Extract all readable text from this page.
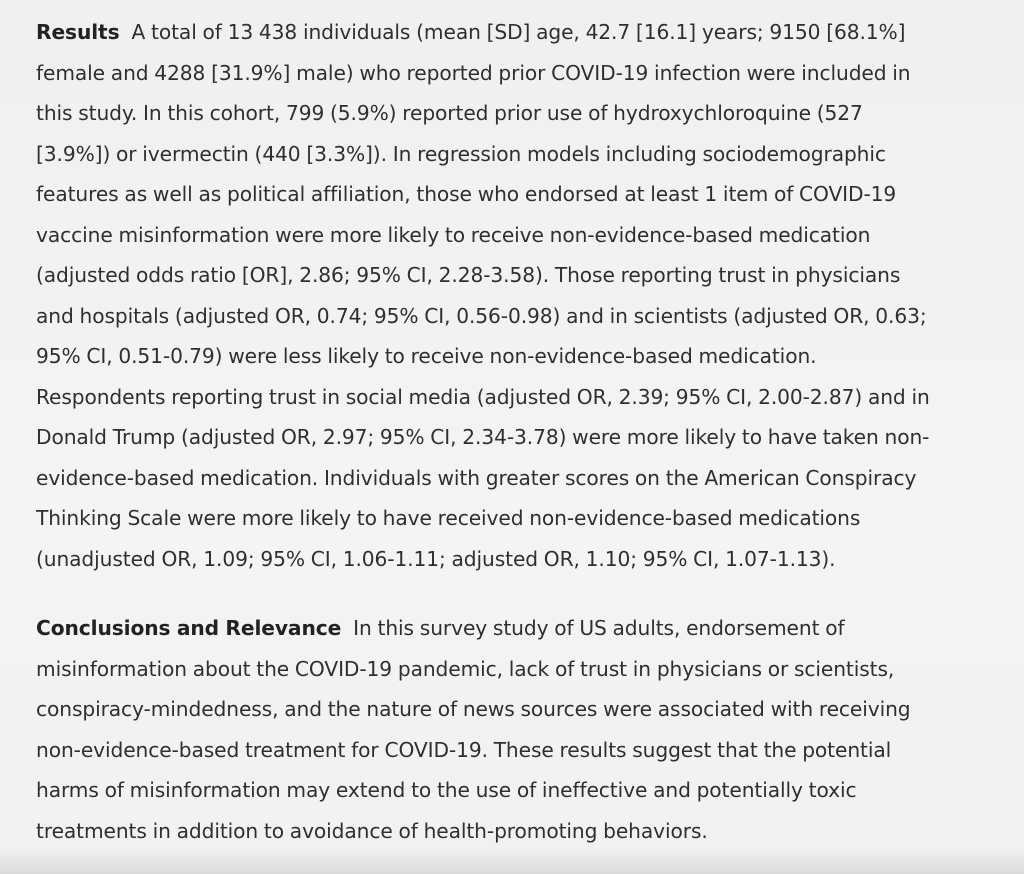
Results A total of 13 438 individuals (mean [SD] age, 42.7 [16.1] years; 9150 [68.1%]
female and 4288 [31.9%] male) who reported prior COVID-19 infection were included in
this study. In this cohort, 799 (5.9%) reported prior use of hydroxychloroquine (527
[3.9%]) or ivermectin (440 [3.3%]). In regression models including sociodemographic
features as well as political affiliation, those who endorsed at least 1 item of COVID-19
vaccine misinformation were more likely to receive non-evidence-based medication
(adjusted odds ratio [OR], 2.86; 95% CI, 2.28-3.58). Those reporting trust in physicians
and hospitals (adjusted OR, 0.74; 95% CI, 0.56-0.98) and in scientists (adjusted OR, 0.63;
95% CI, 0.51-0.79) were less likely to receive non-evidence-based medication.
Respondents reporting trust in social media (adjusted OR, 2.39; 95% CI, 2.00-2.87) and in
Donald Trump (adjusted OR, 2.97; 95% CI, 2.34-3.78) were more likely to have taken non-
evidence-based medication. Individuals with greater scores on the American Conspiracy
Thinking Scale were more likely to have received non-evidence-based medications
(unadjusted OR, 1.09; 95% CI, 1.06-1.11; adjusted OR, 1.10; 95% CI, 1.07-1.13).
Conclusions and Relevance In this survey study of US adults, endorsement of
misinformation about the COVID-19 pandemic, lack of trust in physicians or scientists,
conspiracy-mindedness, and the nature of news sources were associated with receiving
non-evidence-based treatment for COVID-19. These results suggest that the potential
harms of misinformation may extend to the use of ineffective and potentially toxic
treatments in addition to avoidance of health-promoting behaviors.
